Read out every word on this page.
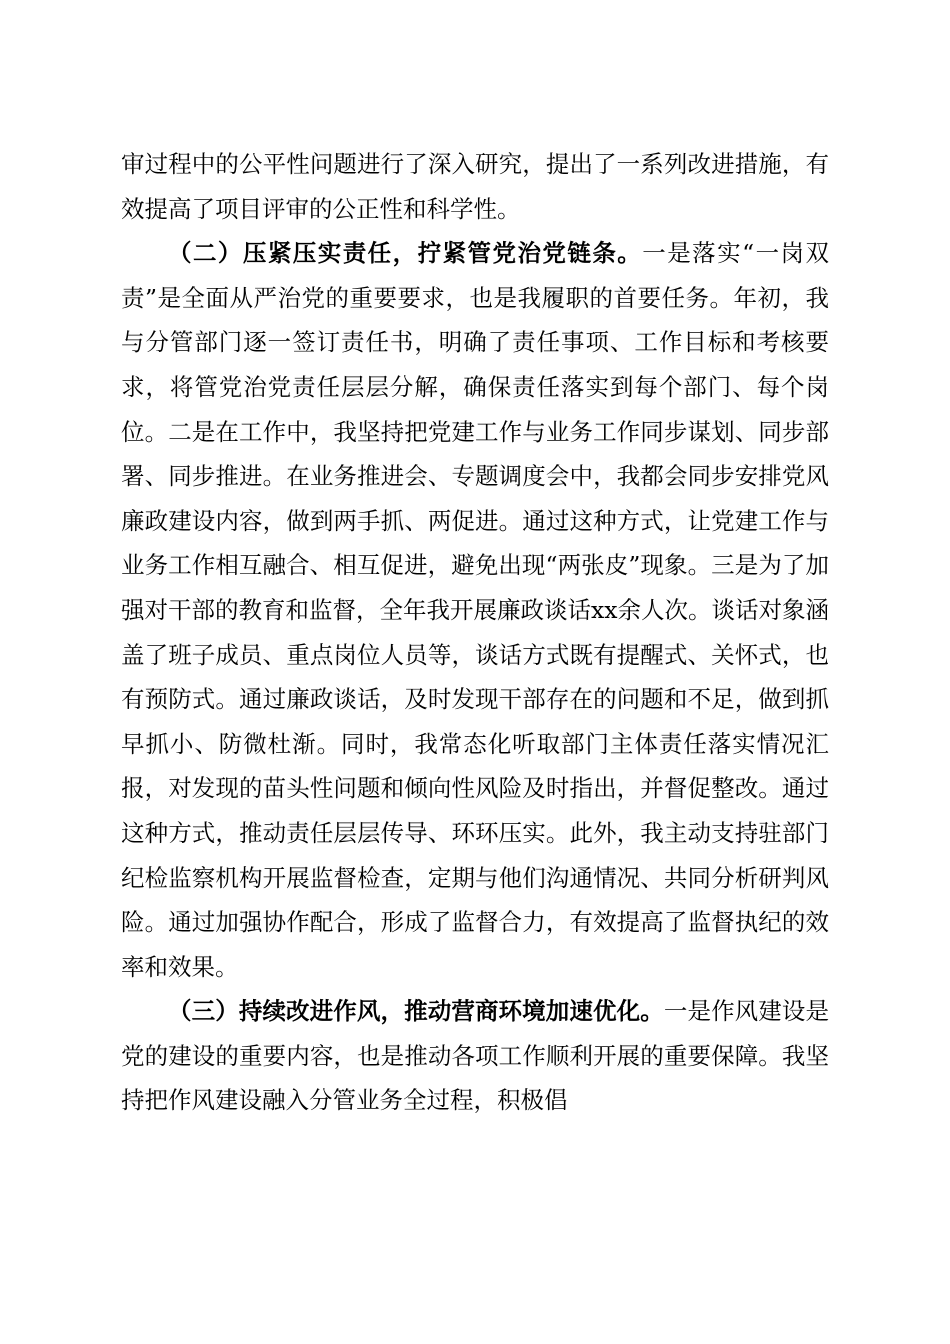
审过程中的公平性问题进行了深入研究，提出了一系列改进措施，有效提高了项目评审的公正性和科学性。

（二）压紧压实责任，拧紧管党治党链条。一是落实“一岗双责”是全面从严治党的重要要求，也是我履职的首要任务。年初，我与分管部门逐一签订责任书，明确了责任事项、工作目标和考核要求，将管党治党责任层层分解，确保责任落实到每个部门、每个岗位。二是在工作中，我坚持把党建工作与业务工作同步谋划、同步部署、同步推进。在业务推进会、专题调度会中，我都会同步安排党风廉政建设内容，做到两手抓、两促进。通过这种方式，让党建工作与业务工作相互融合、相互促进，避免出现“两张皮”现象。三是为了加强对干部的教育和监督，全年我开展廉政谈话xx余人次。谈话对象涵盖了班子成员、重点岗位人员等，谈话方式既有提醒式、关怀式，也有预防式。通过廉政谈话，及时发现干部存在的问题和不足，做到抓早抓小、防微杜渐。同时，我常态化听取部门主体责任落实情况汇报，对发现的苗头性问题和倾向性风险及时指出，并督促整改。通过这种方式，推动责任层层传导、环环压实。此外，我主动支持驻部门纪检监察机构开展监督检查，定期与他们沟通情况、共同分析研判风险。通过加强协作配合，形成了监督合力，有效提高了监督执纪的效率和效果。

（三）持续改进作风，推动营商环境加速优化。一是作风建设是党的建设的重要内容，也是推动各项工作顺利开展的重要保障。我坚持把作风建设融入分管业务全过程，积极倡
